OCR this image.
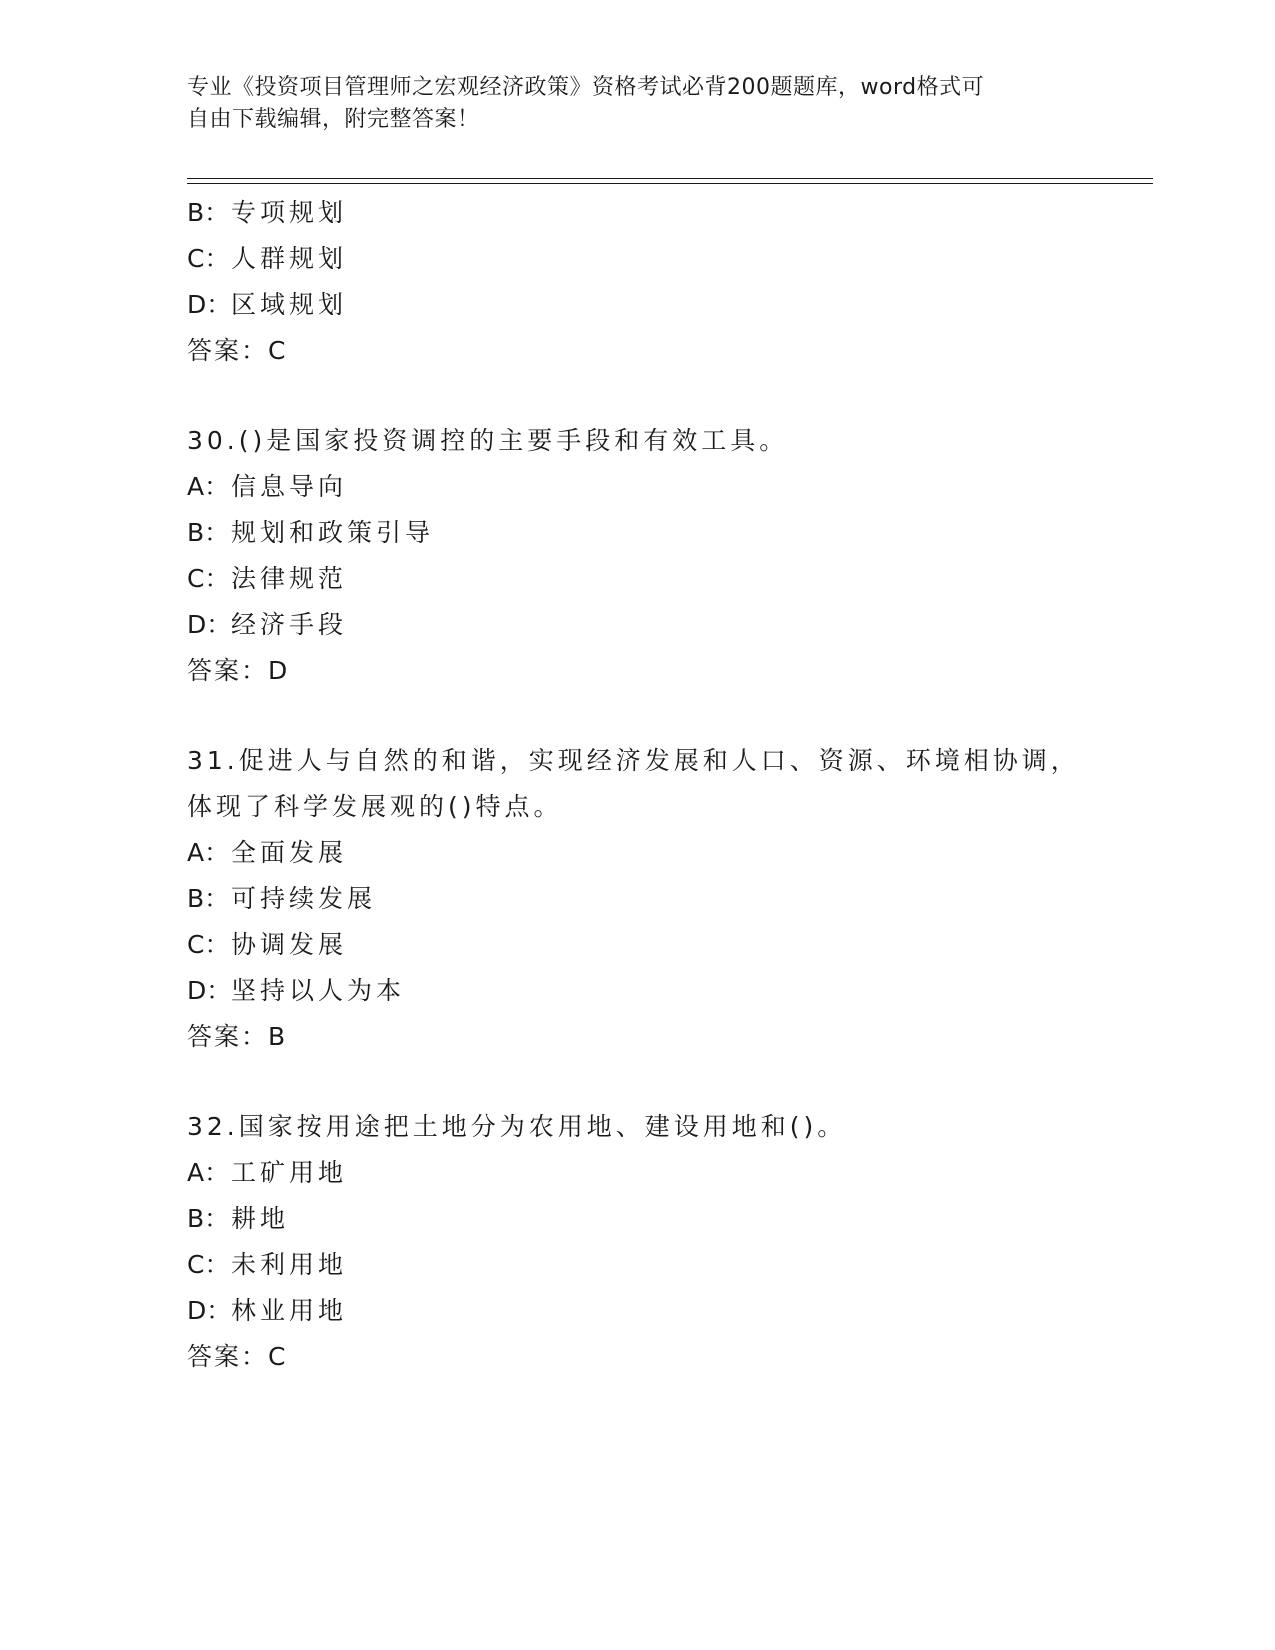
专业《投资项目管理师之宏观经济政策》资格考试必背200题题库，word格式可
自由下载编辑，附完整答案！
B：专项规划
C：人群规划
D：区域规划
答案：C
30.()是国家投资调控的主要手段和有效工具。
A：信息导向
B：规划和政策引导
C：法律规范
D：经济手段
答案：D
31.促进人与自然的和谐，实现经济发展和人口、资源、环境相协调，
体现了科学发展观的()特点。
A：全面发展
B：可持续发展
C：协调发展
D：坚持以人为本
答案：B
32.国家按用途把土地分为农用地、建设用地和()。
A：工矿用地
B：耕地
C：未利用地
D：林业用地
答案：C
